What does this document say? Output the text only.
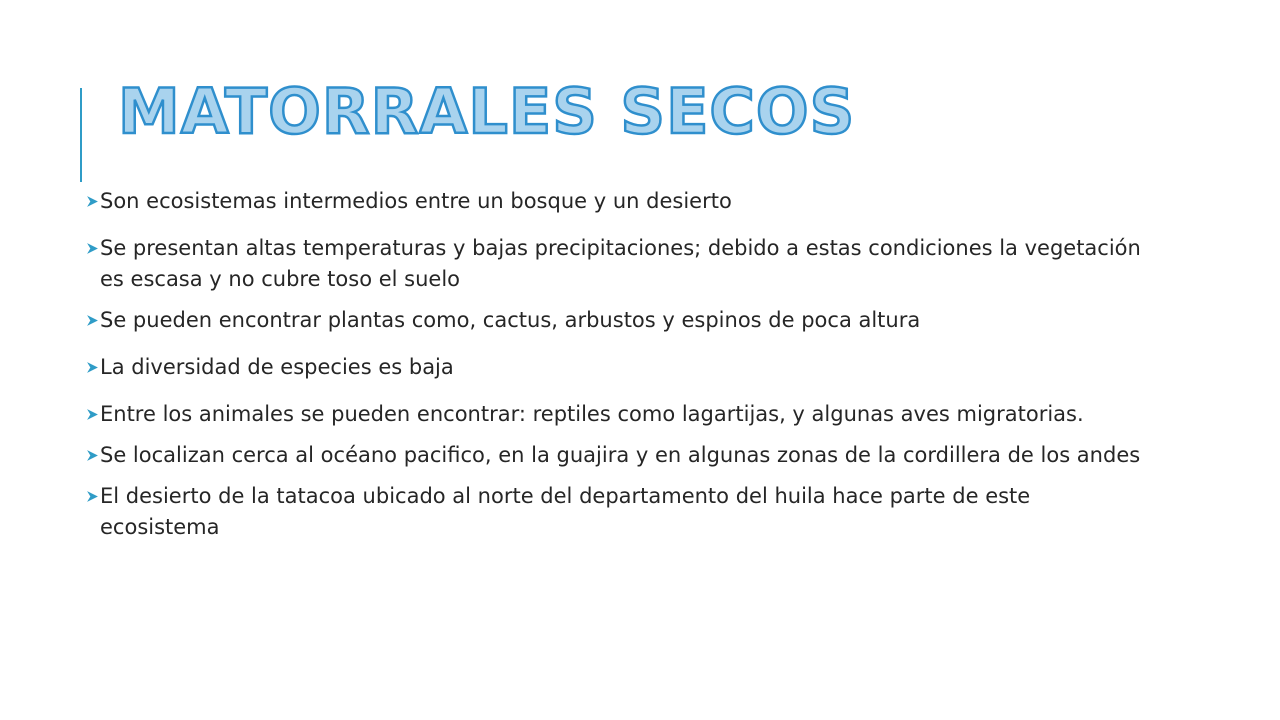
MATORRALES SECOS
Son ecosistemas intermedios entre un bosque y un desierto
Se presentan altas temperaturas y bajas precipitaciones; debido a estas condiciones la vegetación es escasa y no cubre toso el suelo
Se pueden encontrar plantas como, cactus, arbustos y espinos de poca altura
La diversidad de especies es baja
Entre los animales se pueden encontrar: reptiles como lagartijas, y algunas aves migratorias.
Se localizan cerca al océano pacifico, en la guajira y en algunas zonas de la cordillera de los andes
El desierto de la tatacoa ubicado al norte del departamento del huila hace parte de este ecosistema
